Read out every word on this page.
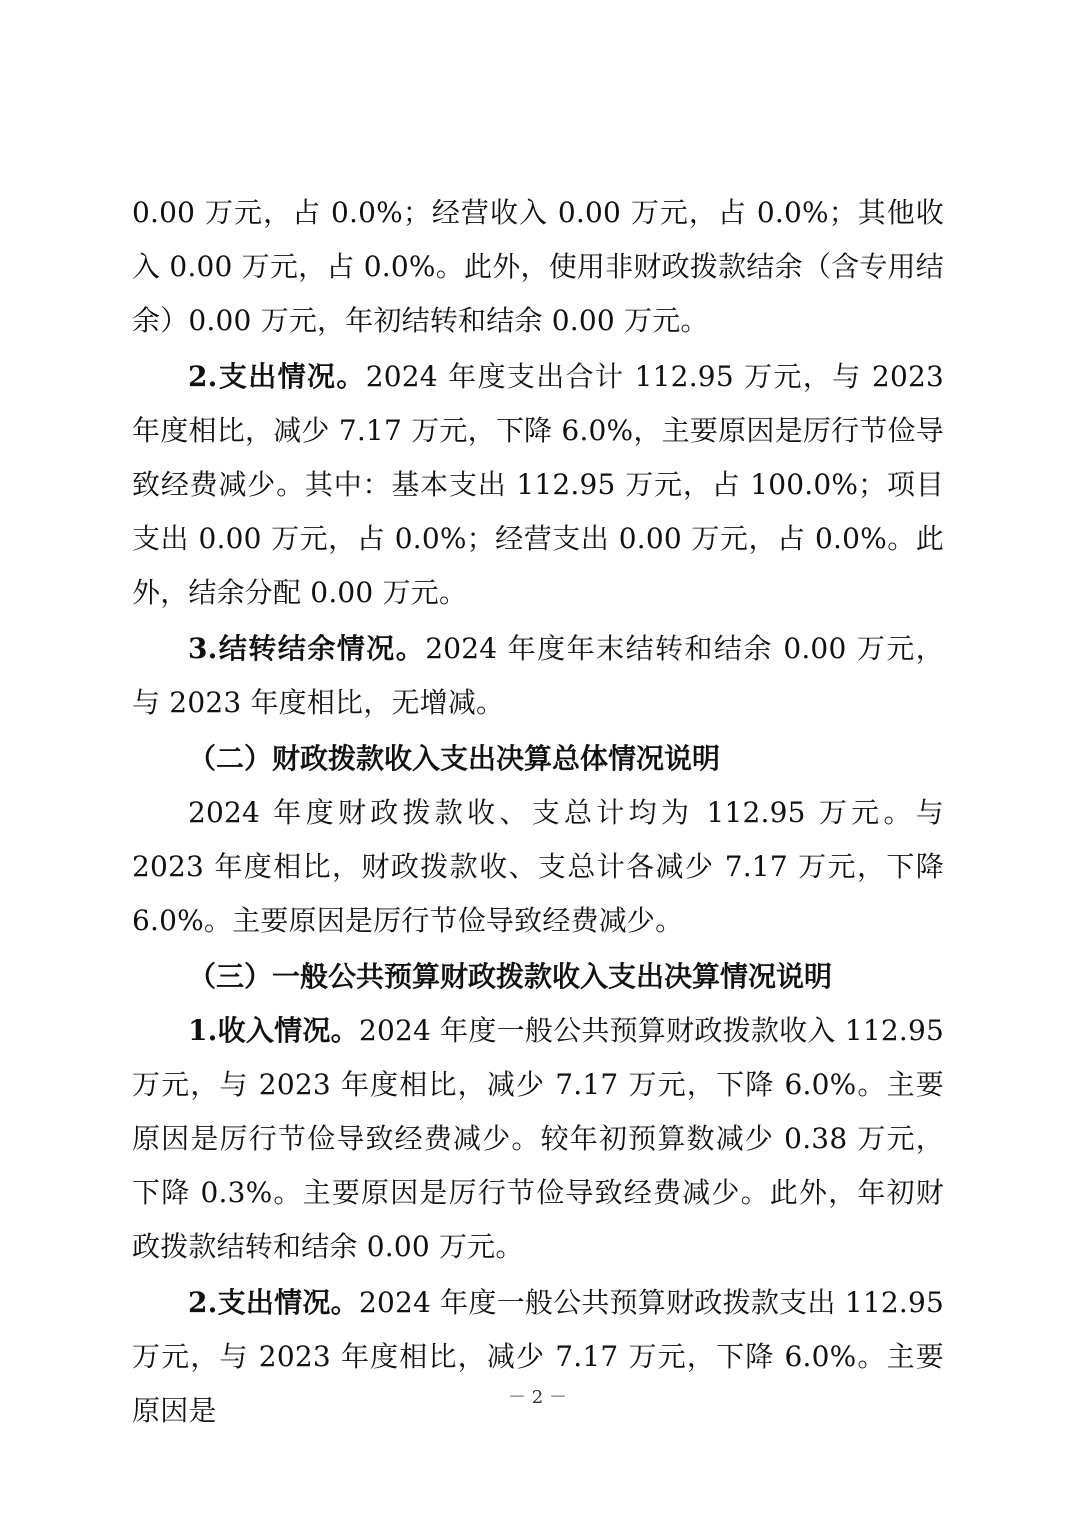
0.00 万元，占 0.0%；经营收入 0.00 万元，占 0.0%；其他收入 0.00 万元，占 0.0%。此外，使用非财政拨款结余（含专用结余）0.00 万元，年初结转和结余 0.00 万元。

2.支出情况。2024 年度支出合计 112.95 万元，与 2023 年度相比，减少 7.17 万元，下降 6.0%，主要原因是厉行节俭导致经费减少。其中：基本支出 112.95 万元，占 100.0%；项目支出 0.00 万元，占 0.0%；经营支出 0.00 万元，占 0.0%。此外，结余分配 0.00 万元。

3.结转结余情况。2024 年度年末结转和结余 0.00 万元，与 2023 年度相比，无增减。

（二）财政拨款收入支出决算总体情况说明

2024 年度财政拨款收、支总计均为 112.95 万元。与 2023 年度相比，财政拨款收、支总计各减少 7.17 万元，下降 6.0%。主要原因是厉行节俭导致经费减少。

（三）一般公共预算财政拨款收入支出决算情况说明

1.收入情况。2024 年度一般公共预算财政拨款收入 112.95 万元，与 2023 年度相比，减少 7.17 万元，下降 6.0%。主要原因是厉行节俭导致经费减少。较年初预算数减少 0.38 万元，下降 0.3%。主要原因是厉行节俭导致经费减少。此外，年初财政拨款结转和结余 0.00 万元。

2.支出情况。2024 年度一般公共预算财政拨款支出 112.95 万元，与 2023 年度相比，减少 7.17 万元，下降 6.0%。主要原因是	－ 2 －
